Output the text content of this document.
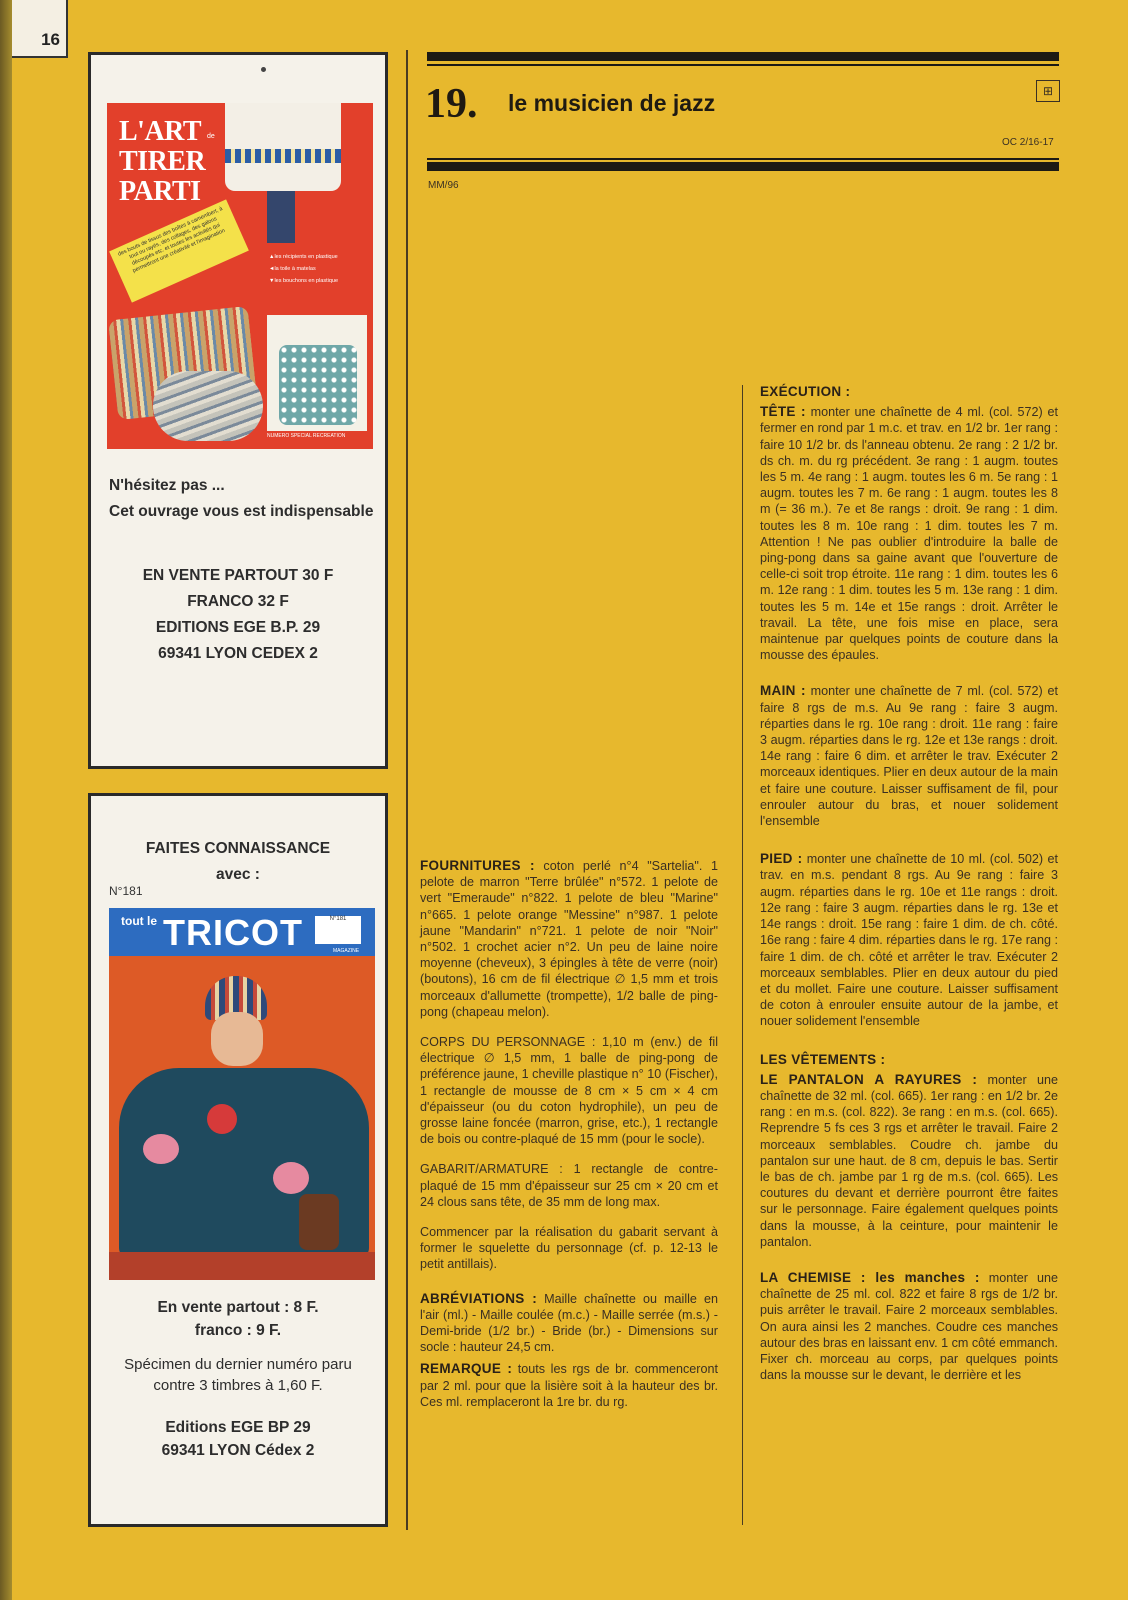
16
L'ART
TIRER
PARTI
de
des bouts de tissus des boîtes à camembert, à tout ou rayés, des collages, des galons découpés etc. et toutes les activités qui permettront une créativité et l'imagination	▲les récipients en plastique
◄la toile à matelas
▼les bouchons en plastique
NUMERO SPECIAL RECREATION
N'hésitez pas ...
Cet ouvrage vous est indispensable
EN VENTE PARTOUT 30 F
FRANCO 32 F
EDITIONS EGE B.P. 29
69341 LYON CEDEX 2
FAITES CONNAISSANCE
avec :
N°181
tout le TRICOT	N°181
MAGAZINE
En vente partout : 8 F.
franco : 9 F.
Spécimen du dernier numéro paru
contre 3 timbres à 1,60 F.
Editions EGE BP 29
69341 LYON Cédex 2
19. le musicien de jazz	⊞
OC 2/16-17
MM/96

FOURNITURES : coton perlé n°4 "Sartelia". 1 pelote de marron "Terre brûlée" n°572. 1 pelote de vert "Emeraude" n°822. 1 pelote de bleu "Marine" n°665. 1 pelote orange "Messine" n°987. 1 pelote jaune "Mandarin" n°721. 1 pelote de noir "Noir" n°502. 1 crochet acier n°2. Un peu de laine noire moyenne (cheveux), 3 épingles à tête de verre (noir) (boutons), 16 cm de fil électrique ∅ 1,5 mm et trois morceaux d'allumette (trompette), 1/2 balle de ping-pong (chapeau melon).

CORPS DU PERSONNAGE : 1,10 m (env.) de fil électrique ∅ 1,5 mm, 1 balle de ping-pong de préférence jaune, 1 cheville plastique n° 10 (Fischer), 1 rectangle de mousse de 8 cm × 5 cm × 4 cm d'épaisseur (ou du coton hydrophile), un peu de grosse laine foncée (marron, grise, etc.), 1 rectangle de bois ou contre-plaqué de 15 mm (pour le socle).

GABARIT/ARMATURE : 1 rectangle de contre-plaqué de 15 mm d'épaisseur sur 25 cm × 20 cm et 24 clous sans tête, de 35 mm de long max.

Commencer par la réalisation du gabarit servant à former le squelette du personnage (cf. p. 12-13 le petit antillais).

ABRÉVIATIONS : Maille chaînette ou maille en l'air (ml.) - Maille coulée (m.c.) - Maille serrée (m.s.) - Demi-bride (1/2 br.) - Bride (br.) - Dimensions sur socle : hauteur 24,5 cm.

REMARQUE : touts les rgs de br. commenceront par 2 ml. pour que la lisière soit à la hauteur des br. Ces ml. remplaceront la 1re br. du rg.

EXÉCUTION :

TÊTE : monter une chaînette de 4 ml. (col. 572) et fermer en rond par 1 m.c. et trav. en 1/2 br. 1er rang : faire 10 1/2 br. ds l'anneau obtenu. 2e rang : 2 1/2 br. ds ch. m. du rg précédent. 3e rang : 1 augm. toutes les 5 m. 4e rang : 1 augm. toutes les 6 m. 5e rang : 1 augm. toutes les 7 m. 6e rang : 1 augm. toutes les 8 m (= 36 m.). 7e et 8e rangs : droit. 9e rang : 1 dim. toutes les 8 m. 10e rang : 1 dim. toutes les 7 m. Attention ! Ne pas oublier d'introduire la balle de ping-pong dans sa gaine avant que l'ouverture de celle-ci soit trop étroite. 11e rang : 1 dim. toutes les 6 m. 12e rang : 1 dim. toutes les 5 m. 13e rang : 1 dim. toutes les 5 m. 14e et 15e rangs : droit. Arrêter le travail. La tête, une fois mise en place, sera maintenue par quelques points de couture dans la mousse des épaules.

MAIN : monter une chaînette de 7 ml. (col. 572) et faire 8 rgs de m.s. Au 9e rang : faire 3 augm. réparties dans le rg. 10e rang : droit. 11e rang : faire 3 augm. réparties dans le rg. 12e et 13e rangs : droit. 14e rang : faire 6 dim. et arrêter le trav. Exécuter 2 morceaux identiques. Plier en deux autour de la main et faire une couture. Laisser suffisament de fil, pour enrouler autour du bras, et nouer solidement l'ensemble

PIED : monter une chaînette de 10 ml. (col. 502) et trav. en m.s. pendant 8 rgs. Au 9e rang : faire 3 augm. réparties dans le rg. 10e et 11e rangs : droit. 12e rang : faire 3 augm. réparties dans le rg. 13e et 14e rangs : droit. 15e rang : faire 1 dim. de ch. côté. 16e rang : faire 4 dim. réparties dans le rg. 17e rang : faire 1 dim. de ch. côté et arrêter le trav. Exécuter 2 morceaux semblables. Plier en deux autour du pied et du mollet. Faire une couture. Laisser suffisament de coton à enrouler ensuite autour de la jambe, et nouer solidement l'ensemble

LES VÊTEMENTS :

LE PANTALON A RAYURES : monter une chaînette de 32 ml. (col. 665). 1er rang : en 1/2 br. 2e rang : en m.s. (col. 822). 3e rang : en m.s. (col. 665). Reprendre 5 fs ces 3 rgs et arrêter le travail. Faire 2 morceaux semblables. Coudre ch. jambe du pantalon sur une haut. de 8 cm, depuis le bas. Sertir le bas de ch. jambe par 1 rg de m.s. (col. 665). Les coutures du devant et derrière pourront être faites sur le personnage. Faire également quelques points dans la mousse, à la ceinture, pour maintenir le pantalon.

LA CHEMISE : les manches : monter une chaînette de 25 ml. col. 822 et faire 8 rgs de 1/2 br. puis arrêter le travail. Faire 2 morceaux semblables. On aura ainsi les 2 manches. Coudre ces manches autour des bras en laissant env. 1 cm côté emmanch. Fixer ch. morceau au corps, par quelques points dans la mousse sur le devant, le derrière et les
